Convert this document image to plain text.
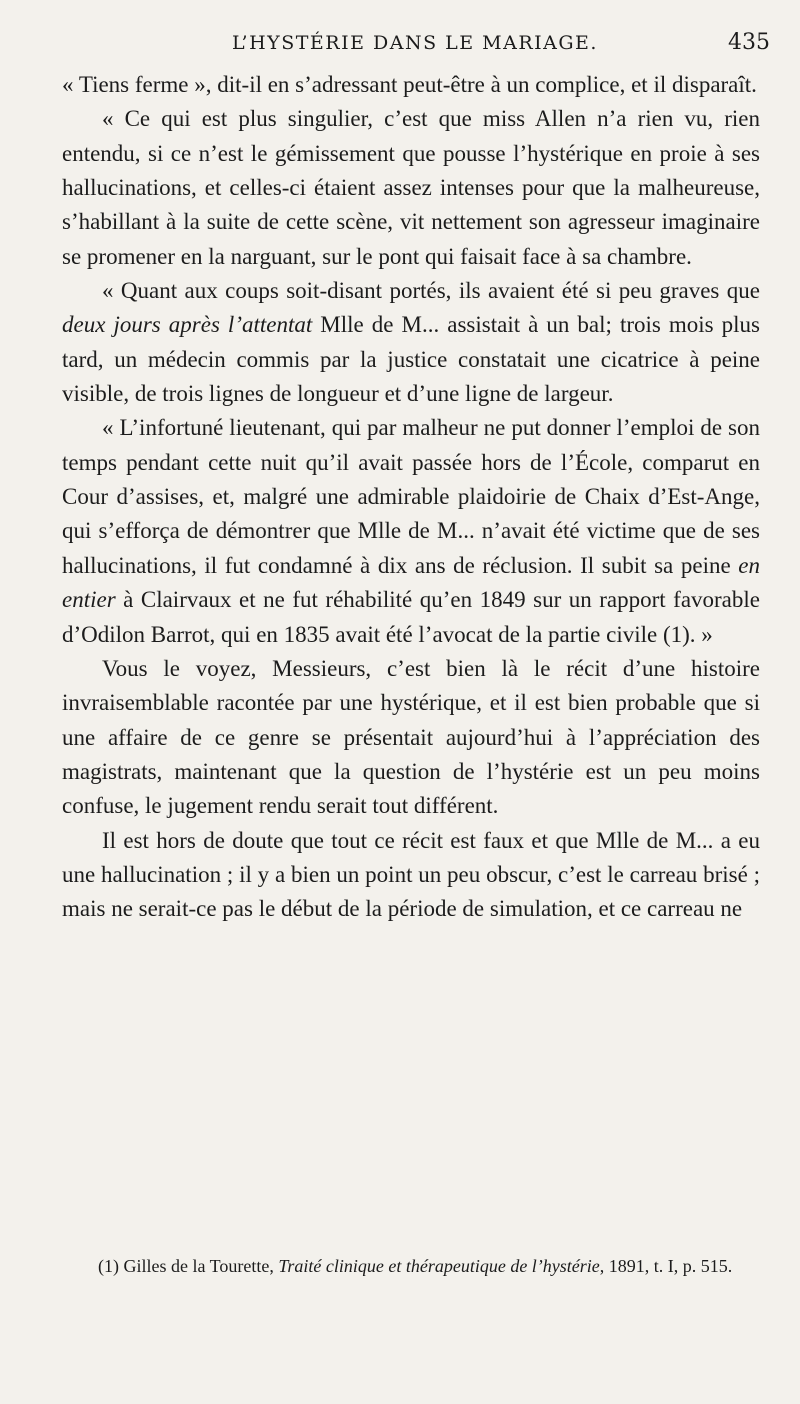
L’HYSTÉRIE DANS LE MARIAGE.	435

« Tiens ferme », dit-il en s’adressant peut-être à un complice, et il disparaît.

« Ce qui est plus singulier, c’est que miss Allen n’a rien vu, rien entendu, si ce n’est le gémissement que pousse l’hystérique en proie à ses hallucinations, et celles-ci étaient assez intenses pour que la malheureuse, s’habillant à la suite de cette scène, vit nettement son agresseur imaginaire se promener en la narguant, sur le pont qui faisait face à sa chambre.

« Quant aux coups soit-disant portés, ils avaient été si peu graves que deux jours après l’attentat Mlle de M... assistait à un bal; trois mois plus tard, un médecin commis par la justice constatait une cicatrice à peine visible, de trois lignes de longueur et d’une ligne de largeur.

« L’infortuné lieutenant, qui par malheur ne put donner l’emploi de son temps pendant cette nuit qu’il avait passée hors de l’École, comparut en Cour d’assises, et, malgré une admirable plaidoirie de Chaix d’Est-Ange, qui s’efforça de démontrer que Mlle de M... n’avait été victime que de ses hallucinations, il fut condamné à dix ans de réclusion. Il subit sa peine en entier à Clairvaux et ne fut réhabilité qu’en 1849 sur un rapport favorable d’Odilon Barrot, qui en 1835 avait été l’avocat de la partie civile (1). »

Vous le voyez, Messieurs, c’est bien là le récit d’une histoire invraisemblable racontée par une hystérique, et il est bien probable que si une affaire de ce genre se présentait aujourd’hui à l’appréciation des magistrats, maintenant que la question de l’hystérie est un peu moins confuse, le jugement rendu serait tout différent.

Il est hors de doute que tout ce récit est faux et que Mlle de M... a eu une hallucination ; il y a bien un point un peu obscur, c’est le carreau brisé ; mais ne serait-ce pas le début de la période de simulation, et ce carreau ne

(1) Gilles de la Tourette, Traité clinique et thérapeutique de l’hystérie, 1891, t. I, p. 515.
